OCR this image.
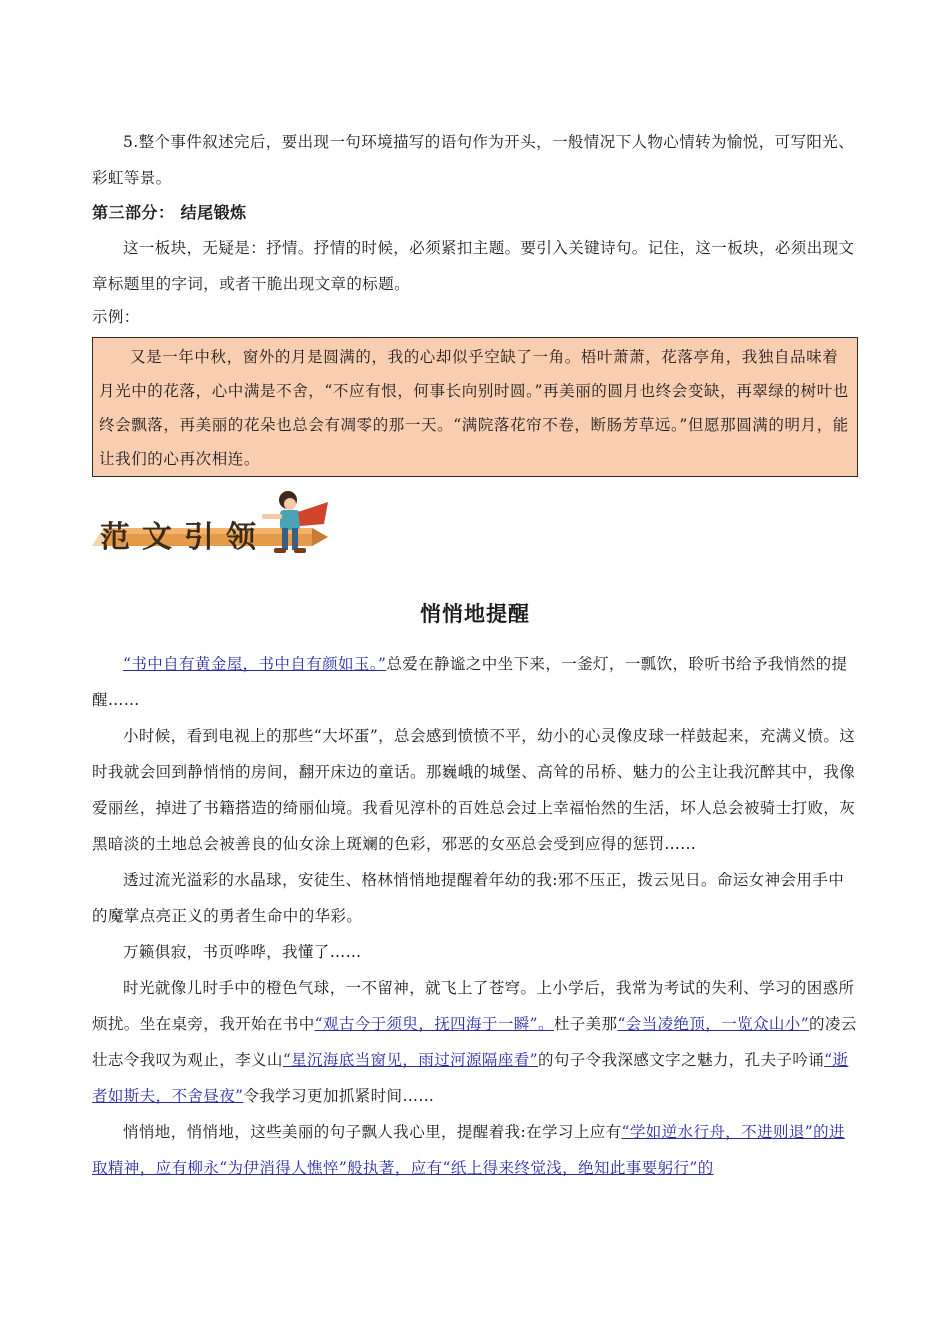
5.整个事件叙述完后，要出现一句环境描写的语句作为开头，一般情况下人物心情转为愉悦，可写阳光、彩虹等景。

第三部分： 结尾锻炼

这一板块，无疑是：抒情。抒情的时候，必须紧扣主题。要引入关键诗句。记住，这一板块，必须出现文章标题里的字词，或者干脆出现文章的标题。

示例：

又是一年中秋，窗外的月是圆满的，我的心却似乎空缺了一角。梧叶萧萧，花落亭角，我独自品味着月光中的花落，心中满是不舍，“不应有恨，何事长向别时圆。”再美丽的圆月也终会变缺，再翠绿的树叶也终会飘落，再美丽的花朵也总会有凋零的那一天。“满院落花帘不卷，断肠芳草远。”但愿那圆满的明月，能让我们的心再次相连。

范文引领
悄悄地提醒

“书中自有黄金屋，书中自有颜如玉。”总爱在静谧之中坐下来，一釜灯，一瓢饮，聆听书给予我悄然的提醒……

小时候，看到电视上的那些“大坏蛋”，总会感到愤愤不平，幼小的心灵像皮球一样鼓起来，充满义愤。这时我就会回到静悄悄的房间，翻开床边的童话。那巍峨的城堡、高耸的吊桥、魅力的公主让我沉醉其中，我像爱丽丝，掉进了书籍搭造的绮丽仙境。我看见淳朴的百姓总会过上幸福怡然的生活，坏人总会被骑士打败，灰黑暗淡的土地总会被善良的仙女涂上斑斓的色彩，邪恶的女巫总会受到应得的惩罚……

透过流光溢彩的水晶球，安徒生、格林悄悄地提醒着年幼的我:邪不压正，拨云见日。命运女神会用手中的魔掌点亮正义的勇者生命中的华彩。

万籁俱寂，书页哗哗，我懂了……

时光就像儿时手中的橙色气球，一不留神，就飞上了苍穹。上小学后，我常为考试的失利、学习的困惑所烦扰。坐在桌旁，我开始在书中“观古今于须臾，抚四海于一瞬”。杜子美那“会当凌绝顶，一览众山小”的凌云壮志令我叹为观止，李义山“星沉海底当窗见，雨过河源隔座看”的句子令我深感文字之魅力，孔夫子吟诵“逝者如斯夫，不舍昼夜”令我学习更加抓紧时间……

悄悄地，悄悄地，这些美丽的句子飘人我心里，提醒着我:在学习上应有“学如逆水行舟，不进则退”的进取精神，应有柳永“为伊消得人憔悴”般执著，应有“纸上得来终觉浅，绝知此事要躬行”的
